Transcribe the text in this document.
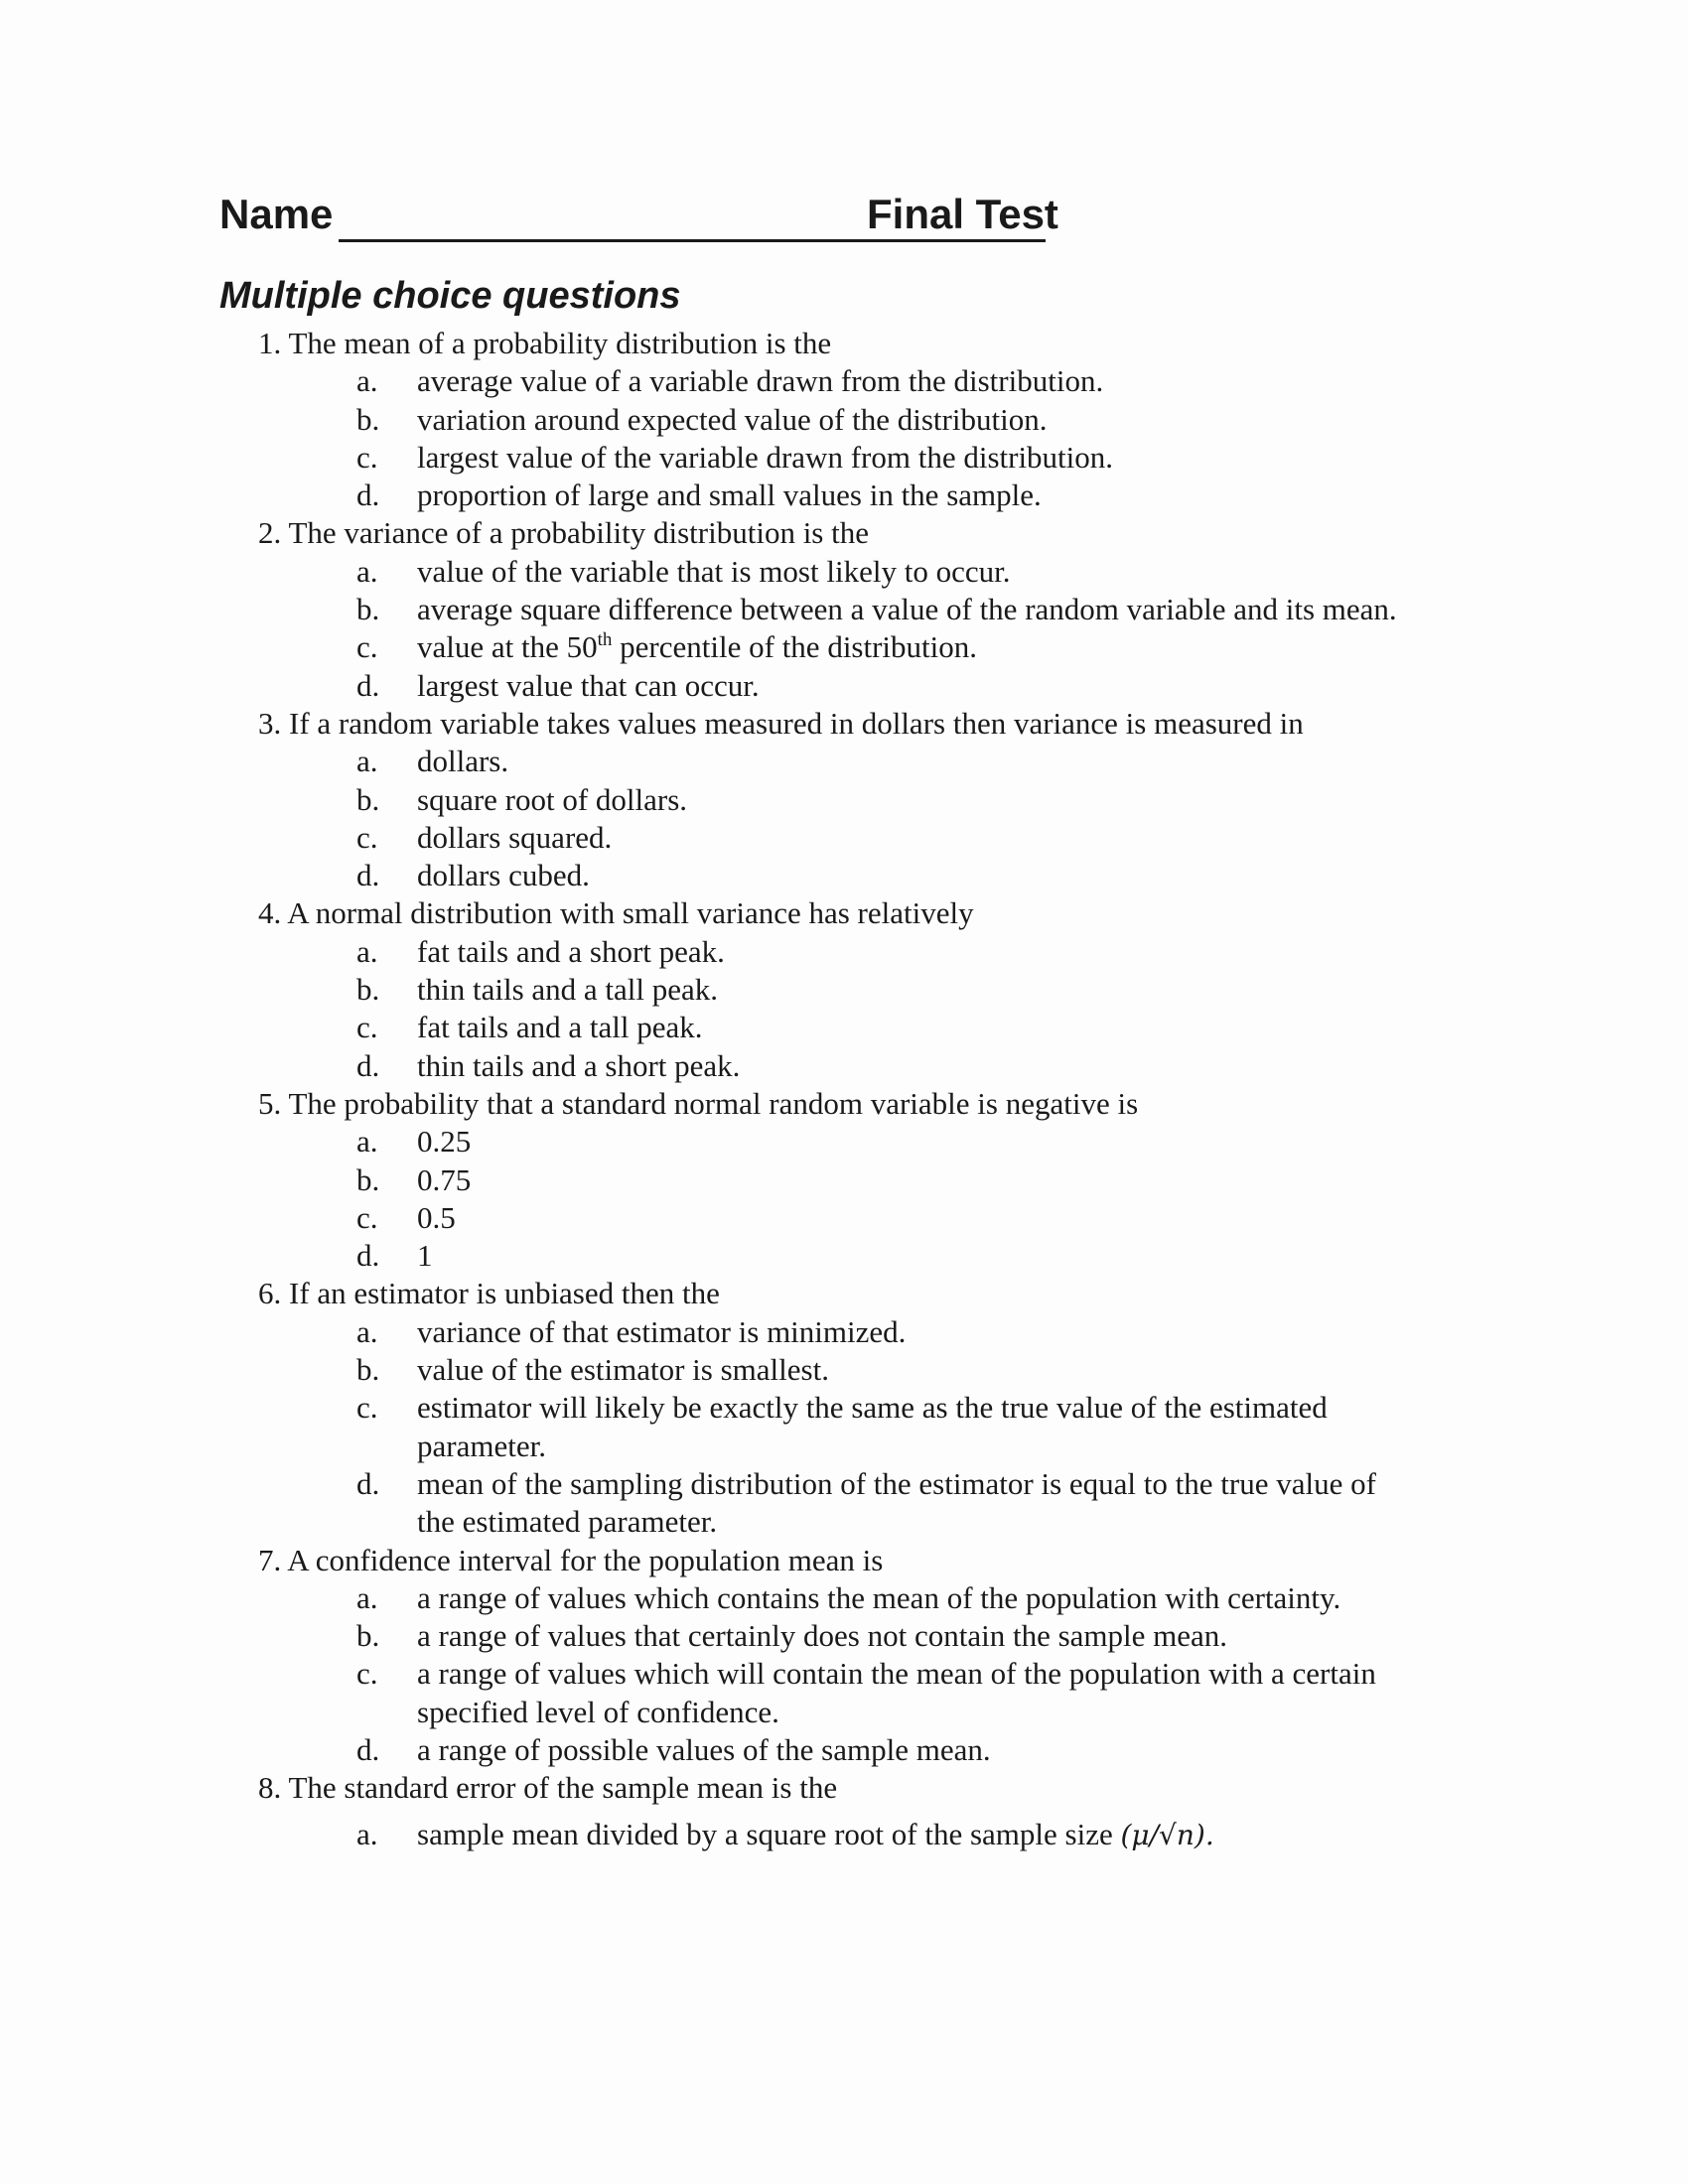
Name	Final Test
Multiple choice questions
1. The mean of a probability distribution is the
a. average value of a variable drawn from the distribution.
b. variation around expected value of the distribution.
c. largest value of the variable drawn from the distribution.
d. proportion of large and small values in the sample.
2. The variance of a probability distribution is the
a. value of the variable that is most likely to occur.
b. average square difference between a value of the random variable and its mean.
c. value at the 50th percentile of the distribution.
d. largest value that can occur.
3. If a random variable takes values measured in dollars then variance is measured in
a. dollars.
b. square root of dollars.
c. dollars squared.
d. dollars cubed.
4. A normal distribution with small variance has relatively
a. fat tails and a short peak.
b. thin tails and a tall peak.
c. fat tails and a tall peak.
d. thin tails and a short peak.
5. The probability that a standard normal random variable is negative is
a. 0.25
b. 0.75
c. 0.5
d. 1
6. If an estimator is unbiased then the
a. variance of that estimator is minimized.
b. value of the estimator is smallest.
c. estimator will likely be exactly the same as the true value of the estimated parameter.
d. mean of the sampling distribution of the estimator is equal to the true value of the estimated parameter.
7. A confidence interval for the population mean is
a. a range of values which contains the mean of the population with certainty.
b. a range of values that certainly does not contain the sample mean.
c. a range of values which will contain the mean of the population with a certain specified level of confidence.
d. a range of possible values of the sample mean.
8. The standard error of the sample mean is the
a. sample mean divided by a square root of the sample size (μ/√n).
